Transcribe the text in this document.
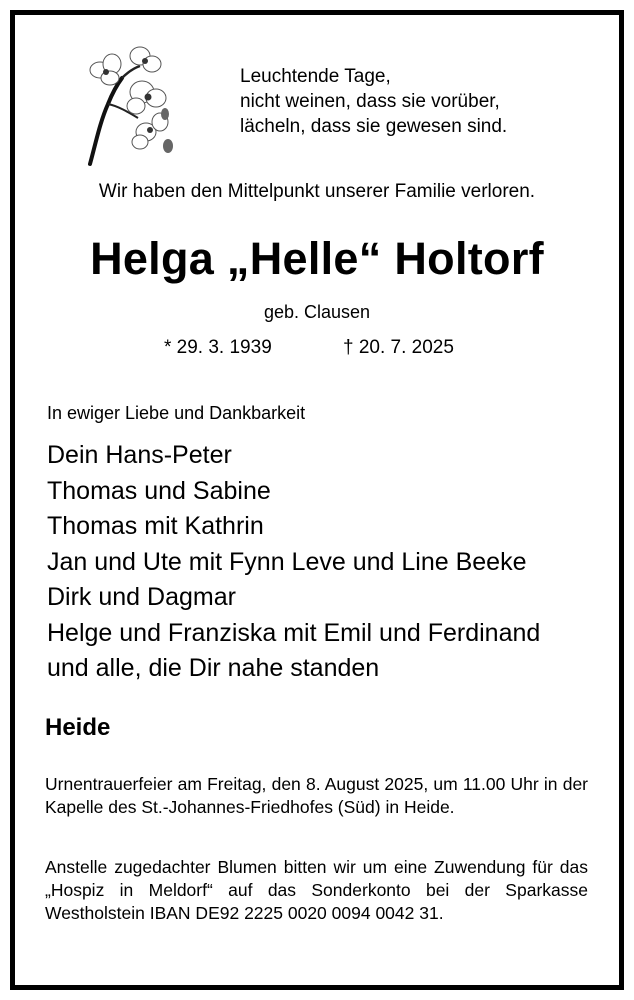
Leuchtende Tage,
nicht weinen, dass sie vorüber,
lächeln, dass sie gewesen sind.
Wir haben den Mittelpunkt unserer Familie verloren.
Helga „Helle“ Holtorf
geb. Clausen
* 29. 3. 1939	† 20. 7. 2025
In ewiger Liebe und Dankbarkeit
Dein Hans-Peter
Thomas und Sabine
Thomas mit Kathrin
Jan und Ute mit Fynn Leve und Line Beeke
Dirk und Dagmar
Helge und Franziska mit Emil und Ferdinand
und alle, die Dir nahe standen
Heide
Urnentrauerfeier am Freitag, den 8. August 2025, um 11.00 Uhr in der Kapelle des St.-Johannes-Friedhofes (Süd) in Heide.
Anstelle zugedachter Blumen bitten wir um eine Zuwendung für das „Hospiz in Meldorf“ auf das Sonderkonto bei der Sparkasse Westholstein IBAN DE92 2225 0020 0094 0042 31.
